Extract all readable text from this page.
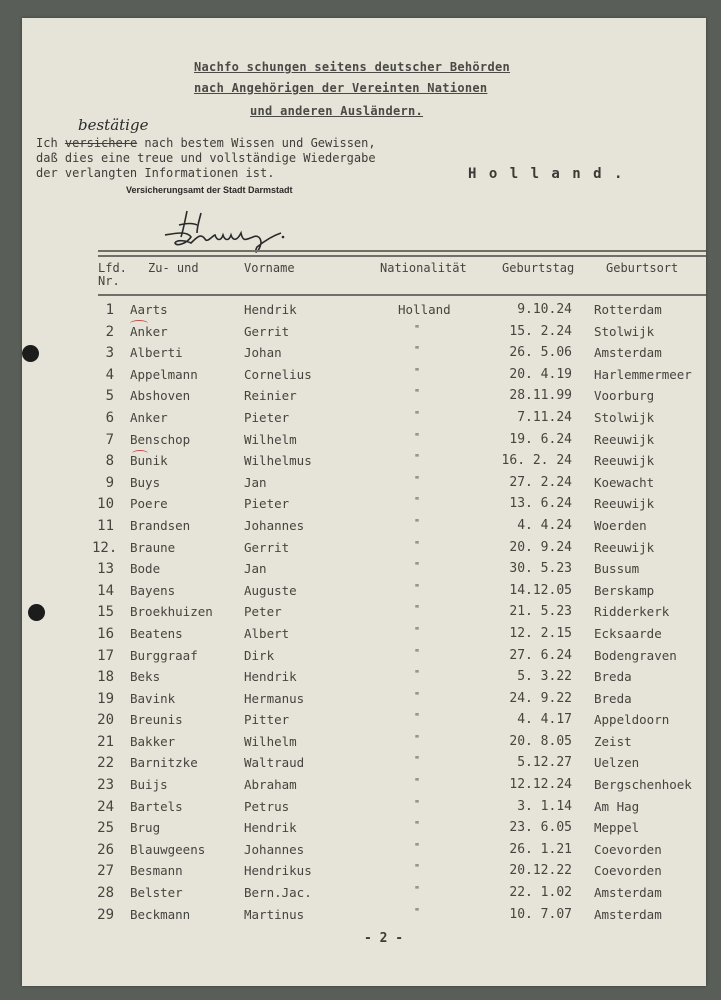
Nachfo schungen seitens deutscher Behörden
nach Angehörigen der Vereinten Nationen
und anderen Ausländern.
bestätige
Ich versichere nach bestem Wissen und Gewissen,
daß dies eine treue und vollständige Wiedergabe
der verlangten Informationen ist.	H o l l a n d .
Versicherungsamt der Stadt Darmstadt
Lfd.
Nr.
Zu- und	Vorname	Nationalität	Geburtstag	Geburtsort
1 Aarts	Hendrik	Holland	9.10.24 Rotterdam
2 Anker	Gerrit	"	15. 2.24 Stolwijk
3 Alberti	Johan	"	26. 5.06 Amsterdam
4 Appelmann	Cornelius	"	20. 4.19 Harlemmermeer
5 Abshoven	Reinier	"	28.11.99 Voorburg
6 Anker	Pieter	"	7.11.24 Stolwijk
7 Benschop	Wilhelm	"	19. 6.24 Reeuwijk
8 Bunik	Wilhelmus	"	16. 2. 24 Reeuwijk
9 Buys	Jan	"	27. 2.24 Koewacht
10 Poere	Pieter	"	13. 6.24 Reeuwijk
11 Brandsen	Johannes	"	4. 4.24 Woerden
12. Braune	Gerrit	"	20. 9.24 Reeuwijk
13 Bode	Jan	"	30. 5.23 Bussum
14 Bayens	Auguste	"	14.12.05 Berskamp
15 Broekhuizen Peter	"	21. 5.23 Ridderkerk
16 Beatens	Albert	"	12. 2.15 Ecksaarde
17 Burggraaf	Dirk	"	27. 6.24 Bodengraven
18 Beks	Hendrik	"	5. 3.22 Breda
19 Bavink	Hermanus	"	24. 9.22 Breda
20 Breunis	Pitter	"	4. 4.17 Appeldoorn
21 Bakker	Wilhelm	"	20. 8.05 Zeist
22 Barnitzke	Waltraud	"	5.12.27 Uelzen
23 Buijs	Abraham	"	12.12.24 Bergschenhoek
24 Bartels	Petrus	"	3. 1.14 Am Hag
25 Brug	Hendrik	"	23. 6.05 Meppel
26 Blauwgeens	Johannes	"	26. 1.21 Coevorden
27 Besmann	Hendrikus	"	20.12.22 Coevorden
28 Belster	Bern.Jac.	"	22. 1.02 Amsterdam
29 Beckmann	Martinus	"	10. 7.07 Amsterdam
- 2 -
